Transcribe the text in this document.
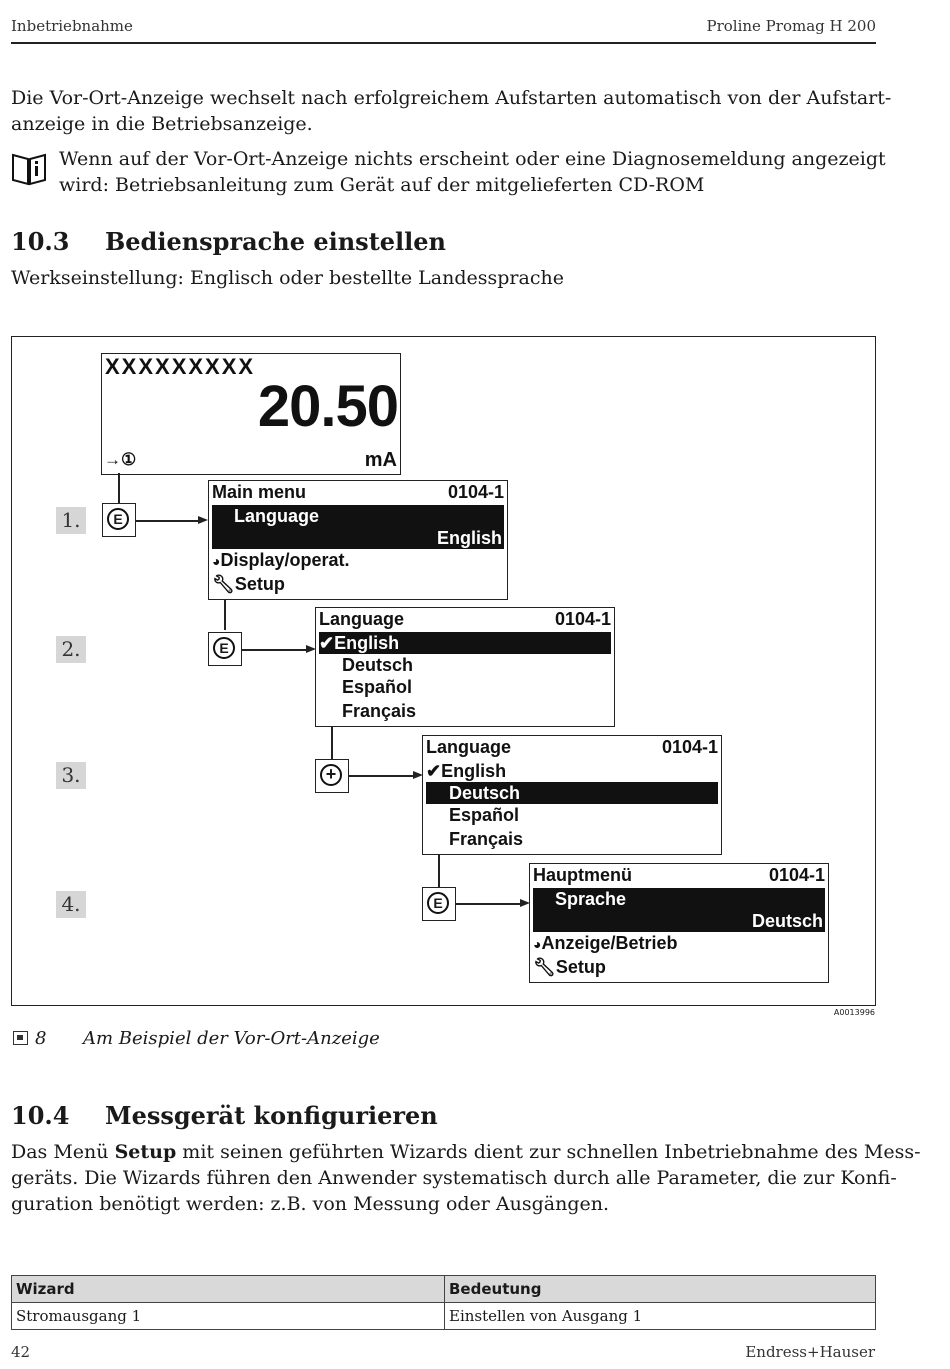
Inbetriebnahme	Proline Promag H 200
Die Vor-Ort-Anzeige wechselt nach erfolgreichem Aufstarten automatisch von der Aufstart-
anzeige in die Betriebsanzeige.
Wenn auf der Vor-Ort-Anzeige nichts erscheint oder eine Diagnosemeldung angezeigt
wird: Betriebsanleitung zum Gerät auf der mitgelieferten CD-ROM
10.3 Bediensprache einstellen
Werkseinstellung: Englisch oder bestellte Landessprache
XXXXXXXXX
20.50
→①	mA
1.
2.
3.
4.
E
Main menu	0104-1
Language
English
◕Display/operat.
🔧︎Setup
E
Language	0104-1
✔English
Deutsch
Español
Français
+
Language	0104-1
✔English
Deutsch
Español
Français
E
Hauptmenü	0104-1
Sprache
Deutsch
◕Anzeige/Betrieb
🔧︎Setup
A0013996
8 Am Beispiel der Vor-Ort-Anzeige
10.4 Messgerät konfigurieren
Das Menü Setup mit seinen geführten Wizards dient zur schnellen Inbetriebnahme des Mess-
geräts. Die Wizards führen den Anwender systematisch durch alle Parameter, die zur Konfi-
guration benötigt werden: z.B. von Messung oder Ausgängen.
Wizard	Bedeutung
Stromausgang 1	Einstellen von Ausgang 1
42	Endress+Hauser
